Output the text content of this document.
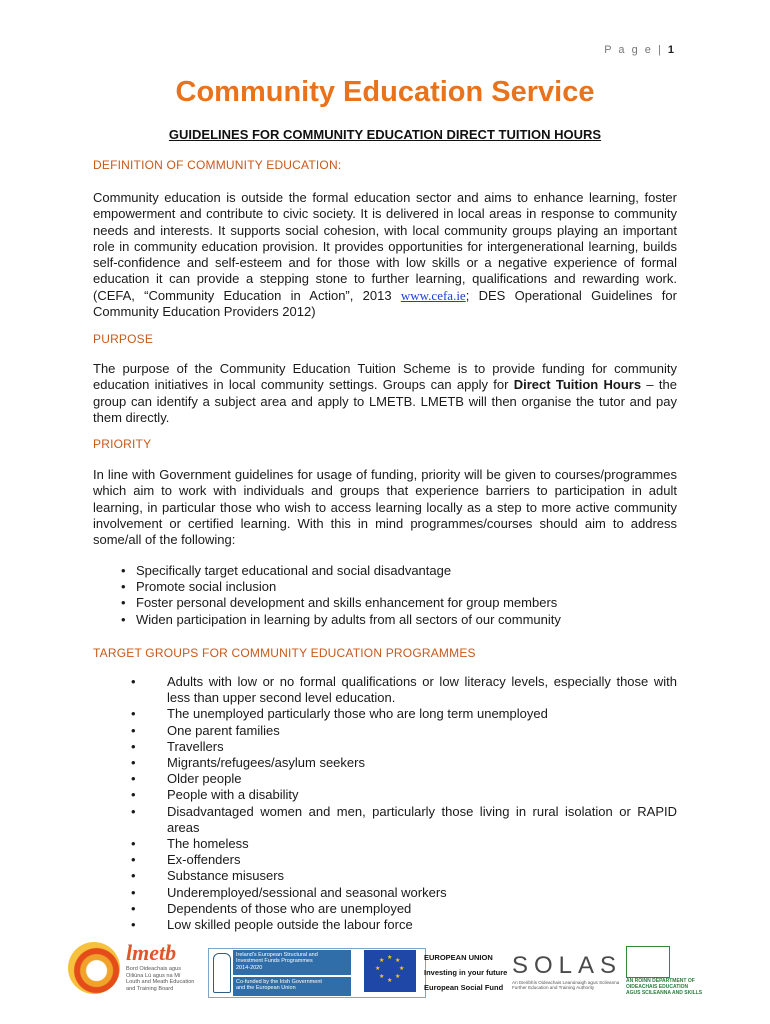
P a g e | 1
Community Education Service
GUIDELINES FOR COMMUNITY EDUCATION DIRECT TUITION HOURS
DEFINITION OF COMMUNITY EDUCATION:

Community education is outside the formal education sector and aims to enhance learning, foster empowerment and contribute to civic society. It is delivered in local areas in response to community needs and interests. It supports social cohesion, with local community groups playing an important role in community education provision. It provides opportunities for intergenerational learning, builds self-confidence and self-esteem and for those with low skills or a negative experience of formal education it can provide a stepping stone to further learning, qualifications and rewarding work. (CEFA, “Community Education in Action”, 2013 www.cefa.ie; DES Operational Guidelines for Community Education Providers 2012)

PURPOSE

The purpose of the Community Education Tuition Scheme is to provide funding for community education initiatives in local community settings. Groups can apply for Direct Tuition Hours – the group can identify a subject area and apply to LMETB. LMETB will then organise the tutor and pay them directly.

PRIORITY

In line with Government guidelines for usage of funding, priority will be given to courses/programmes which aim to work with individuals and groups that experience barriers to participation in adult learning, in particular those who wish to access learning locally as a step to more active community involvement or certified learning. With this in mind programmes/courses should aim to address some/all of the following:

• Specifically target educational and social disadvantage
• Promote social inclusion
• Foster personal development and skills enhancement for group members
• Widen participation in learning by adults from all sectors of our community
TARGET GROUPS FOR COMMUNITY EDUCATION PROGRAMMES
• Adults with low or no formal qualifications or low literacy levels, especially those with less than upper second level education.
• The unemployed particularly those who are long term unemployed
• One parent families
• Travellers
• Migrants/refugees/asylum seekers
• Older people
• People with a disability
• Disadvantaged women and men, particularly those living in rural isolation or RAPID areas
• The homeless
• Ex-offenders
• Substance misusers
• Underemployed/sessional and seasonal workers
• Dependents of those who are unemployed
• Low skilled people outside the labour force
lmetb
Bord Oideachais agus
Oiliúna Lú agus na Mí
Louth and Meath Education
and Training Board
Ireland's European Structural and
Investment Funds Programmes
2014-2020
Co-funded by the Irish Government
and the European Union
★ ★
★
★
★
★
★
★	EUROPEAN UNION
Investing in your future
European Social Fund
SOLAS
An tSeirbhís Oideachais Leanúnaigh agus Scileanna
Further Education and Training Authority
AN ROINN DEPARTMENT OF
OIDEACHAIS EDUCATION
AGUS SCILEANNA AND SKILLS
